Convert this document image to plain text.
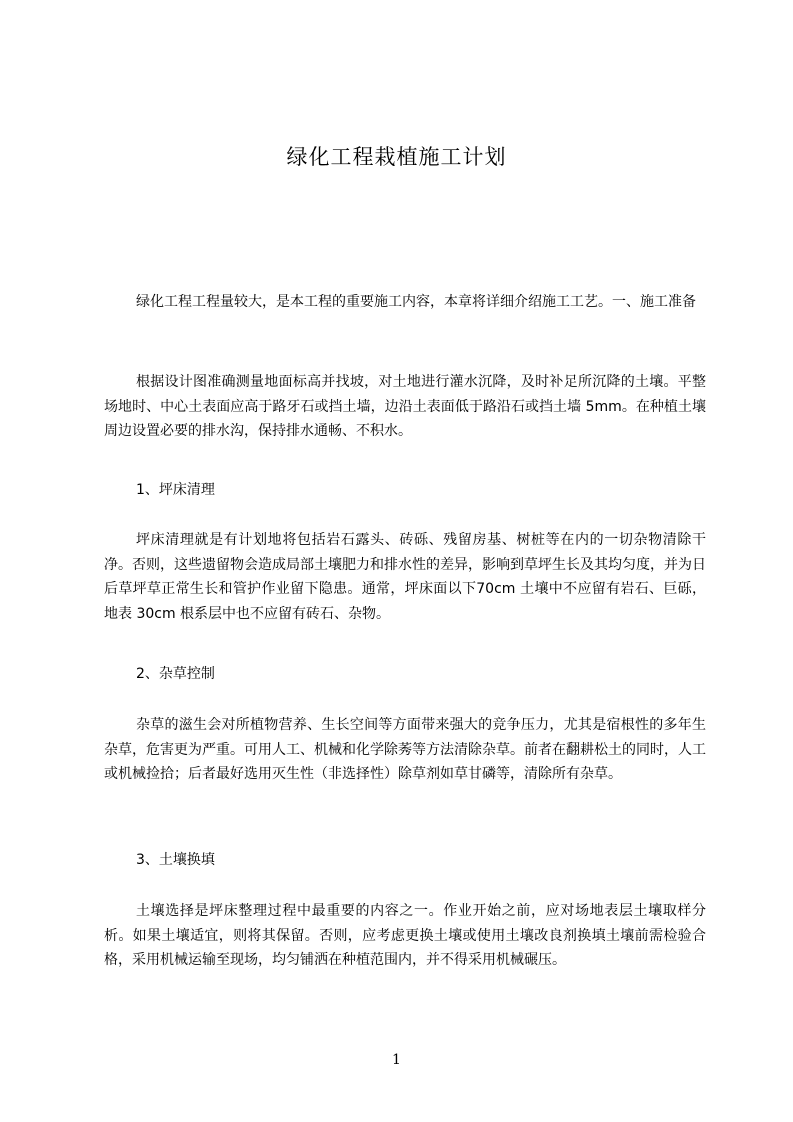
绿化工程栽植施工计划
绿化工程工程量较大，是本工程的重要施工内容，本章将详细介绍施工工艺。一、施工准备
根据设计图准确测量地面标高并找坡，对土地进行灌水沉降，及时补足所沉降的土壤。平整场地时、中心土表面应高于路牙石或挡土墙，边沿土表面低于路沿石或挡土墙 5mm。在种植土壤周边设置必要的排水沟，保持排水通畅、不积水。
1、坪床清理
坪床清理就是有计划地将包括岩石露头、砖砾、残留房基、树桩等在内的一切杂物清除干净。否则，这些遗留物会造成局部土壤肥力和排水性的差异，影响到草坪生长及其均匀度，并为日后草坪草正常生长和管护作业留下隐患。通常，坪床面以下70cm 土壤中不应留有岩石、巨砾，地表 30cm 根系层中也不应留有砖石、杂物。
2、杂草控制
杂草的滋生会对所植物营养、生长空间等方面带来强大的竞争压力，尤其是宿根性的多年生杂草，危害更为严重。可用人工、机械和化学除莠等方法清除杂草。前者在翻耕松土的同时，人工或机械捡拾；后者最好选用灭生性（非选择性）除草剂如草甘磷等，清除所有杂草。
3、土壤换填
土壤选择是坪床整理过程中最重要的内容之一。作业开始之前，应对场地表层土壤取样分析。如果土壤适宜，则将其保留。否则，应考虑更换土壤或使用土壤改良剂换填土壤前需检验合格，采用机械运输至现场，均匀铺洒在种植范围内，并不得采用机械碾压。
1
